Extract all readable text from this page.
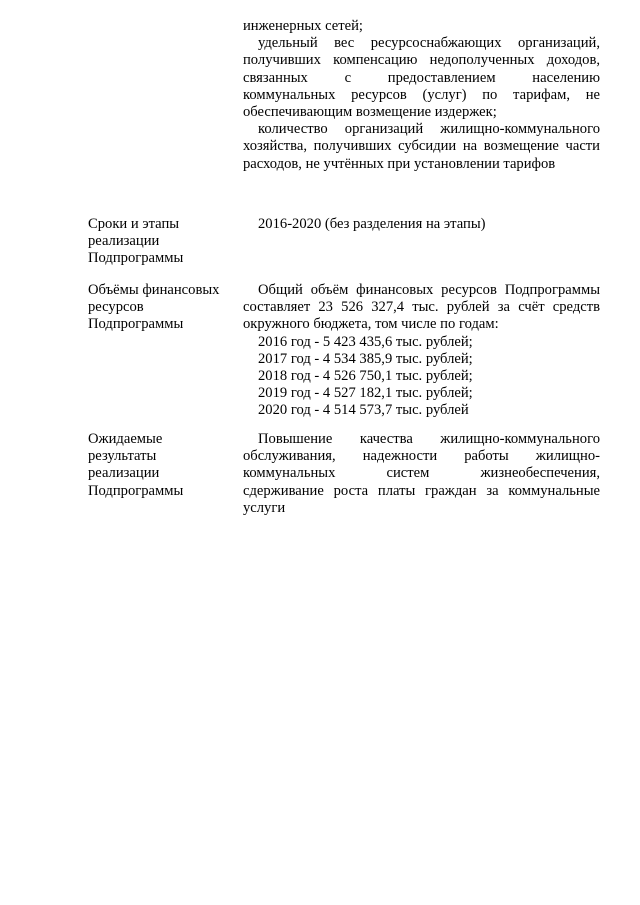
инженерных сетей;
удельный вес ресурсоснабжающих организаций,
получивших компенсацию недополученных доходов,
связанных с предоставлением населению
коммунальных ресурсов (услуг) по тарифам, не
обеспечивающим возмещение издержек;
количество организаций жилищно-коммунального
хозяйства, получивших субсидии на возмещение части
расходов, не учтённых при установлении тарифов
Сроки и этапы
реализации
Подпрограммы
2016-2020 (без разделения на этапы)
Объёмы финансовых
ресурсов
Подпрограммы
Общий объём финансовых ресурсов Подпрограммы
составляет 23 526 327,4 тыс. рублей за счёт средств
окружного бюджета, том числе по годам:
2016 год - 5 423 435,6 тыс. рублей;
2017 год - 4 534 385,9 тыс. рублей;
2018 год - 4 526 750,1 тыс. рублей;
2019 год - 4 527 182,1 тыс. рублей;
2020 год - 4 514 573,7 тыс. рублей
Ожидаемые
результаты
реализации
Подпрограммы
Повышение качества жилищно-коммунального
обслуживания, надежности работы жилищно-
коммунальных систем жизнеобеспечения,
сдерживание роста платы граждан за коммунальные
услуги
